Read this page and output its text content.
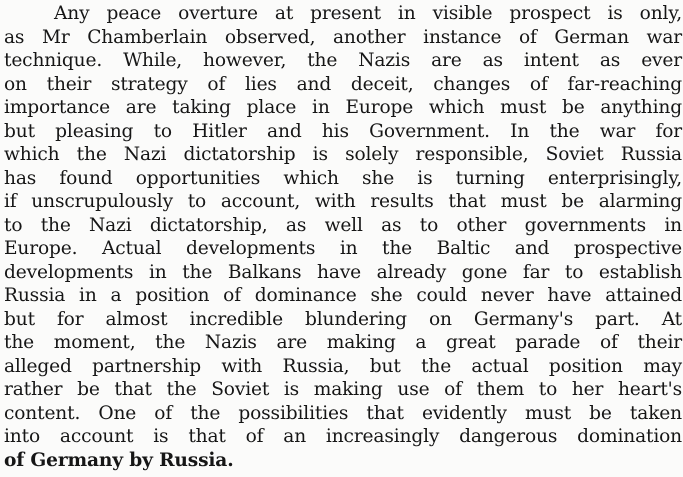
Any peace overture at present in visible prospect is only,
as Mr Chamberlain observed, another instance of German war
technique. While, however, the Nazis are as intent as ever
on their strategy of lies and deceit, changes of far-reaching
importance are taking place in Europe which must be anything
but pleasing to Hitler and his Government. In the war for
which the Nazi dictatorship is solely responsible, Soviet Russia
has found opportunities which she is turning enterprisingly,
if unscrupulously to account, with results that must be alarming
to the Nazi dictatorship, as well as to other governments in
Europe. Actual developments in the Baltic and prospective
developments in the Balkans have already gone far to establish
Russia in a position of dominance she could never have attained
but for almost incredible blundering on Germany's part. At
the moment, the Nazis are making a great parade of their
alleged partnership with Russia, but the actual position may
rather be that the Soviet is making use of them to her heart's
content. One of the possibilities that evidently must be taken
into account is that of an increasingly dangerous domination
of Germany by Russia.
